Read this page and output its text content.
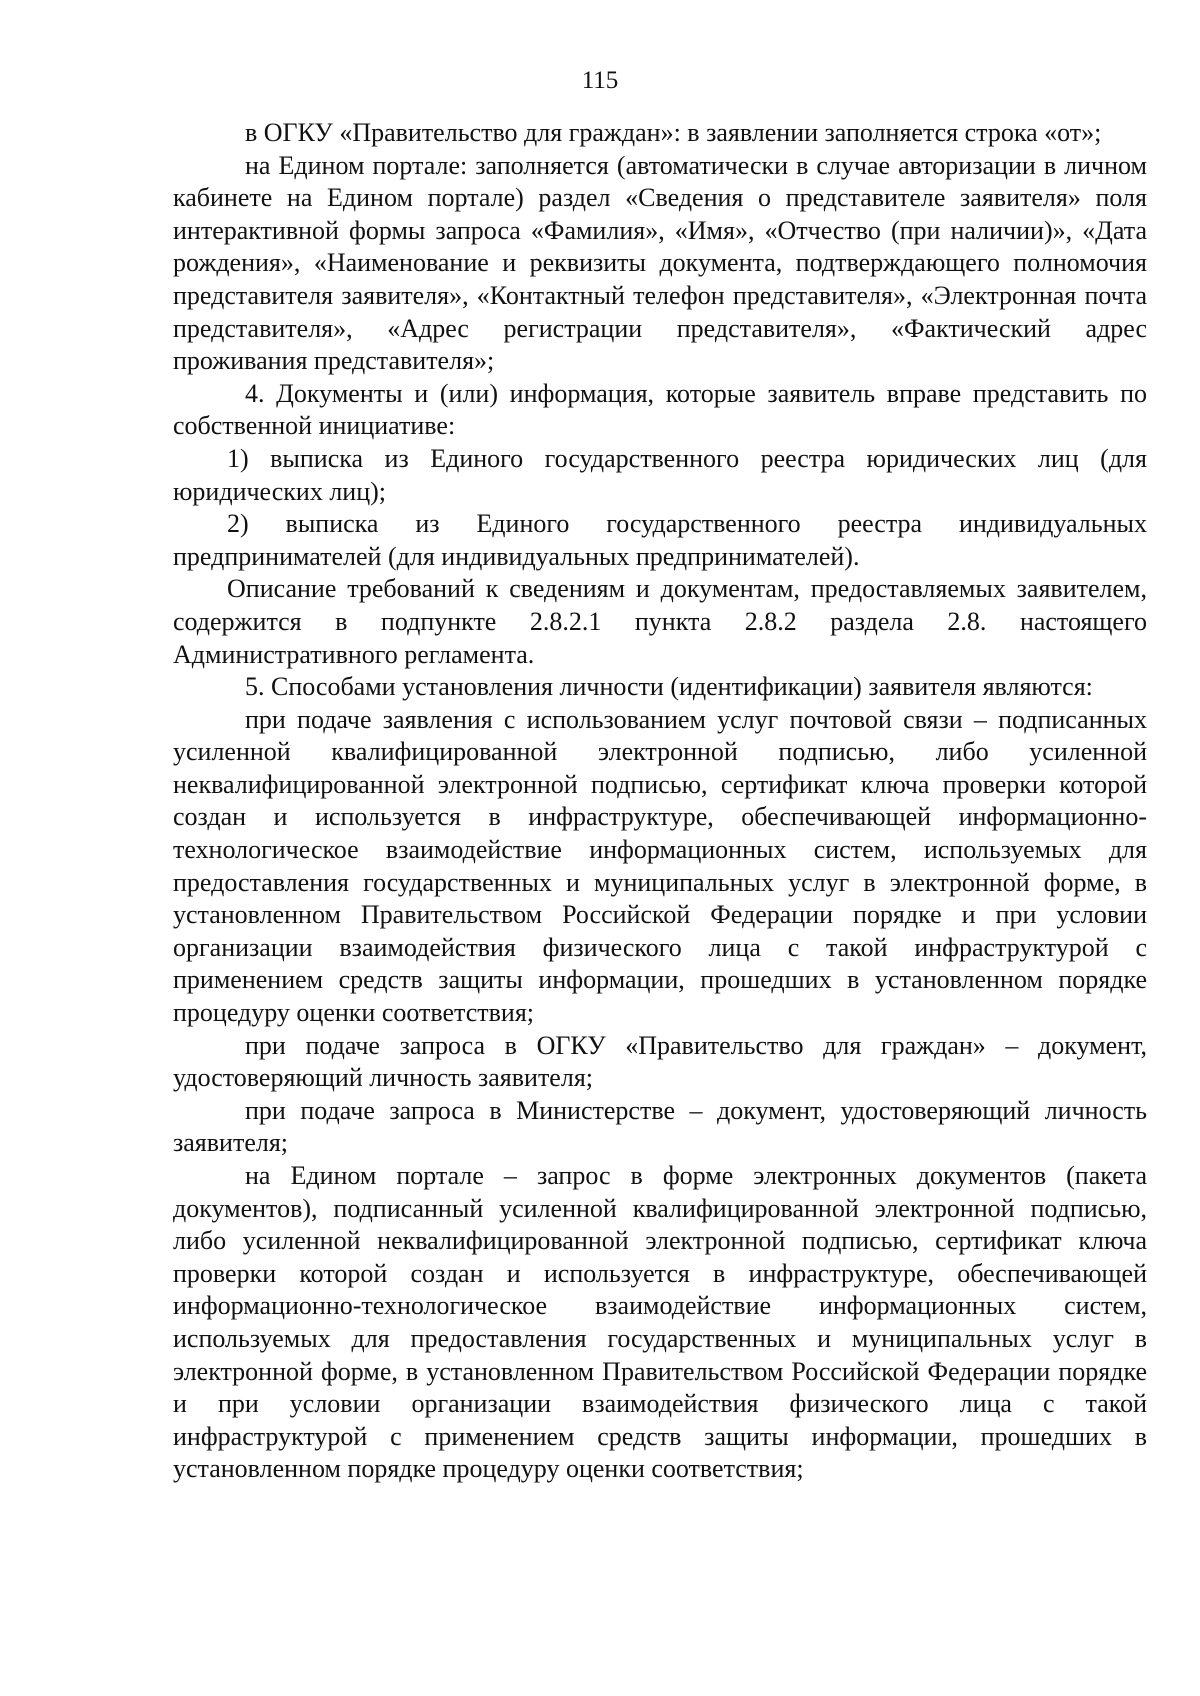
115

в ОГКУ «Правительство для граждан»: в заявлении заполняется строка «от»;

на Едином портале: заполняется (автоматически в случае авторизации в личном кабинете на Едином портале) раздел «Сведения о представителе заявителя» поля интерактивной формы запроса «Фамилия», «Имя», «Отчество (при наличии)», «Дата рождения», «Наименование и реквизиты документа, подтверждающего полномочия представителя заявителя», «Контактный телефон представителя», «Электронная почта представителя», «Адрес регистрации представителя», «Фактический адрес проживания представителя»;

4. Документы и (или) информация, которые заявитель вправе представить по собственной инициативе:

1) выписка из Единого государственного реестра юридических лиц (для юридических лиц);

2) выписка из Единого государственного реестра индивидуальных предпринимателей (для индивидуальных предпринимателей).

Описание требований к сведениям и документам, предоставляемых заявителем, содержится в подпункте 2.8.2.1 пункта 2.8.2 раздела 2.8. настоящего Административного регламента.

5. Способами установления личности (идентификации) заявителя являются:

при подаче заявления с использованием услуг почтовой связи – подписанных усиленной квалифицированной электронной подписью, либо усиленной неквалифицированной электронной подписью, сертификат ключа проверки которой создан и используется в инфраструктуре, обеспечивающей информационно-технологическое взаимодействие информационных систем, используемых для предоставления государственных и муниципальных услуг в электронной форме, в установленном Правительством Российской Федерации порядке и при условии организации взаимодействия физического лица с такой инфраструктурой с применением средств защиты информации, прошедших в установленном порядке процедуру оценки соответствия;

при подаче запроса в ОГКУ «Правительство для граждан» – документ, удостоверяющий личность заявителя;

при подаче запроса в Министерстве – документ, удостоверяющий личность заявителя;

на Едином портале – запрос в форме электронных документов (пакета документов), подписанный усиленной квалифицированной электронной подписью, либо усиленной неквалифицированной электронной подписью, сертификат ключа проверки которой создан и используется в инфраструктуре, обеспечивающей информационно-технологическое взаимодействие информационных систем, используемых для предоставления государственных и муниципальных услуг в электронной форме, в установленном Правительством Российской Федерации порядке и при условии организации взаимодействия физического лица с такой инфраструктурой с применением средств защиты информации, прошедших в установленном порядке процедуру оценки соответствия;
